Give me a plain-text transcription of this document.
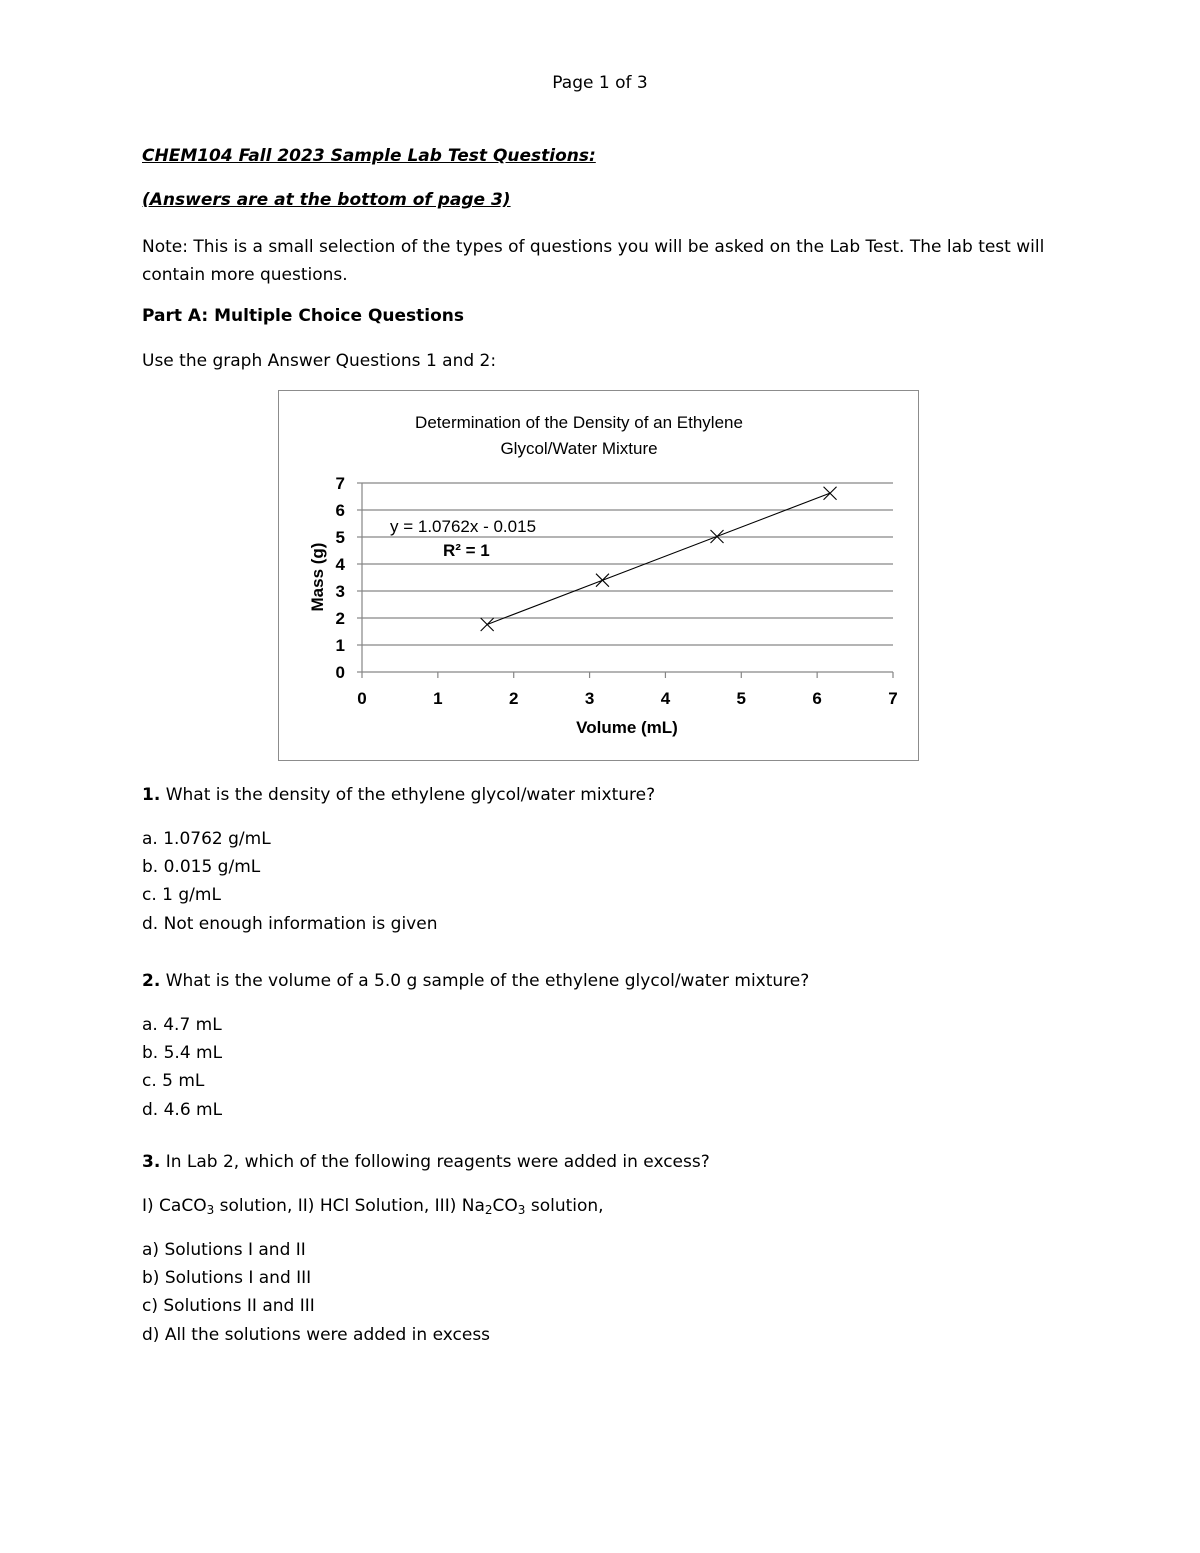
Page 1 of 3
CHEM104 Fall 2023 Sample Lab Test Questions:
(Answers are at the bottom of page 3)
Note: This is a small selection of the types of questions you will be asked on the Lab Test. The lab test will contain more questions.
Part A: Multiple Choice Questions
Use the graph Answer Questions 1 and 2:
Determination of the Density of an Ethylene
Glycol/Water Mixture
0
1
2
3
4
5
6
7
0	1	2	3	4	5	6	7
y = 1.0762x - 0.015
R² = 1
Volume (mL)
Mass (g)
1. What is the density of the ethylene glycol/water mixture?
a. 1.0762 g/mL
b. 0.015 g/mL
c. 1 g/mL
d. Not enough information is given
2. What is the volume of a 5.0 g sample of the ethylene glycol/water mixture?
a. 4.7 mL
b. 5.4 mL
c. 5 mL
d. 4.6 mL
3. In Lab 2, which of the following reagents were added in excess?
I) CaCO$_3$ solution, II) HCl Solution, III) $Na_2CO_3$ solution,
a) Solutions I and II
b) Solutions I and III
c) Solutions II and III
d) All the solutions were added in excess
